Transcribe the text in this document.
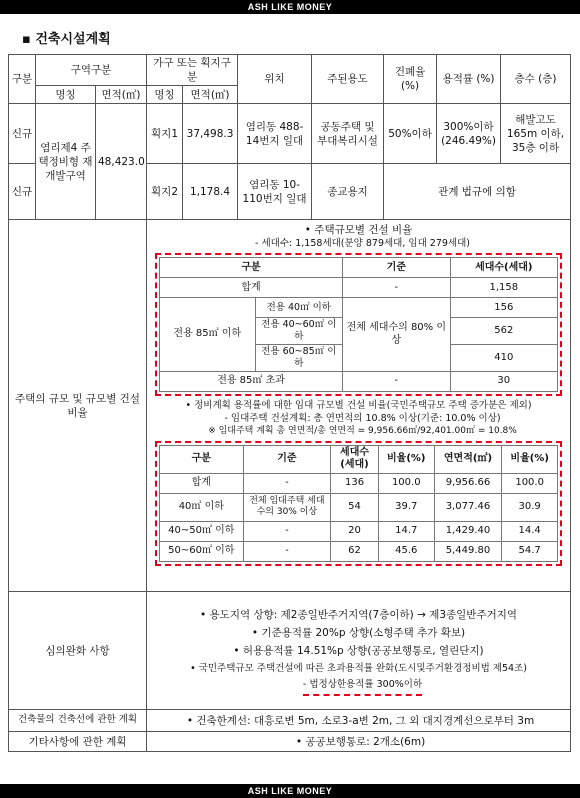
ASH LIKE MONEY
▪ 건축시설계획
구분	구역구분	가구 또는 획지구분	위치	주된용도	건폐율 (%)	용적률 (%)	층수 (층)
명칭	면적(㎡)	명칭	면적(㎡)
신규	염리제4 주택정비형 재개발구역	48,423.0	획지1	37,498.3	염리동 488-14번지 일대	공동주택 및 부대복리시설	50%이하	300%이하 (246.49%)	해발고도 165m 이하, 35층 이하
신규	획지2	1,178.4	염리동 10-110번지 일대	종교용지	관계 법규에 의함
주택의 규모 및 규모별 건설비율	
• 주택규모별 건설 비율
- 세대수: 1,158세대(분양 879세대, 임대 279세대)
구분	기준	세대수(세대)
합계	-	1,158
전용 85㎡ 이하	전용 40㎡ 이하	전체 세대수의 80% 이상	156
전용 40~60㎡ 이하	562
전용 60~85㎡ 이하	410
전용 85㎡ 초과	-	30
• 정비계획 용적률에 대한 임대 규모별 건설 비율(국민주택규모 주택 증가분은 제외)
- 임대주택 건설계획: 총 연면적의 10.8% 이상(기준: 10.0% 이상)
※ 임대주택 계획 총 연면적/총 연면적 = 9,956.66㎡/92,401.00㎡ = 10.8%
구분	기준	세대수 (세대)	비율(%)	연면적(㎡)	비율(%)
합계	-	136	100.0	9,956.66	100.0
40㎡ 이하	전체 임대주택 세대수의 30% 이상	54	39.7	3,077.46	30.9
40~50㎡ 이하	-	20	14.7	1,429.40	14.4
50~60㎡ 이하	-	62	45.6	5,449.80	54.7

심의완화 사항	
• 용도지역 상향: 제2종일반주거지역(7층이하) → 제3종일반주거지역
• 기준용적률 20%p 상향(소형주택 추가 확보)
• 허용용적률 14.51%p 상향(공공보행통로, 열린단지)
• 국민주택규모 주택건설에 따른 초과용적률 완화(도시및주거환경정비법 제54조)
- 법정상한용적률 300%이하

건축물의 건축선에 관한 계획	• 건축한계선: 대흥로변 5m, 소로3-a변 2m, 그 외 대지경계선으로부터 3m
기타사항에 관한 계획	• 공공보행통로: 2개소(6m)
ASH LIKE MONEY
